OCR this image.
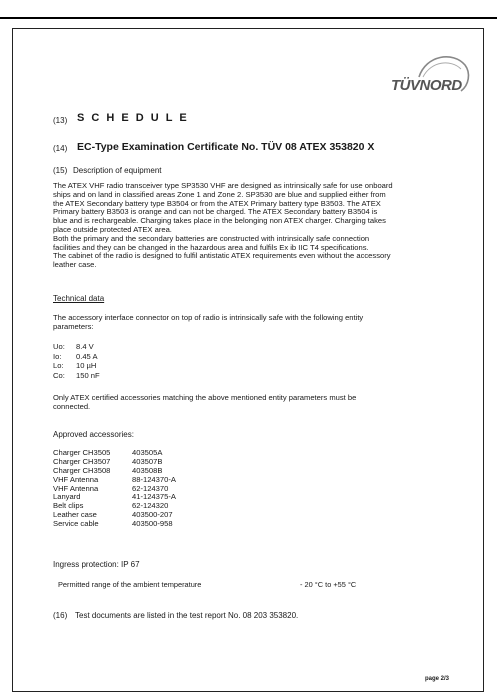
TÜVNORD
(13) S C H E D U L E
(14) EC-Type Examination Certificate No. TÜV 08 ATEX 353820 X
(15) Description of equipment
The ATEX VHF radio transceiver type SP3530 VHF are designed as intrinsically safe for use onboard
ships and on land in classified areas Zone 1 and Zone 2. SP3530 are blue and supplied either from
the ATEX Secondary battery type B3504 or from the ATEX Primary battery type B3503. The ATEX
Primary battery B3503 is orange and can not be charged. The ATEX Secondary battery B3504 is
blue and is rechargeable. Charging takes place in the belonging non ATEX charger. Charging takes
place outside protected ATEX area.
Both the primary and the secondary batteries are constructed with intrinsically safe connection
facilities and they can be changed in the hazardous area and fulfils Ex ib IIC T4 specifications.
The cabinet of the radio is designed to fulfil antistatic ATEX requirements even without the accessory
leather case.
Technical data
The accessory interface connector on top of radio is intrinsically safe with the following entity
parameters:
Uo:
Io:
Lo:
Co:
8.4 V
0.45 A
10 µH
150 nF
Only ATEX certified accessories matching the above mentioned entity parameters must be
connected.
Approved accessories:
Charger CH3505
Charger CH3507
Charger CH3508
VHF Antenna
VHF Antenna
Lanyard
Belt clips
Leather case
Service cable
403505A
403507B
403508B
88-124370-A
62-124370
41-124375-A
62-124320
403500-207
403500-958
Ingress protection: IP 67
Permitted range of the ambient temperature	- 20 °C to +55 °C
(16) Test documents are listed in the test report No. 08 203 353820.
page 2/3
